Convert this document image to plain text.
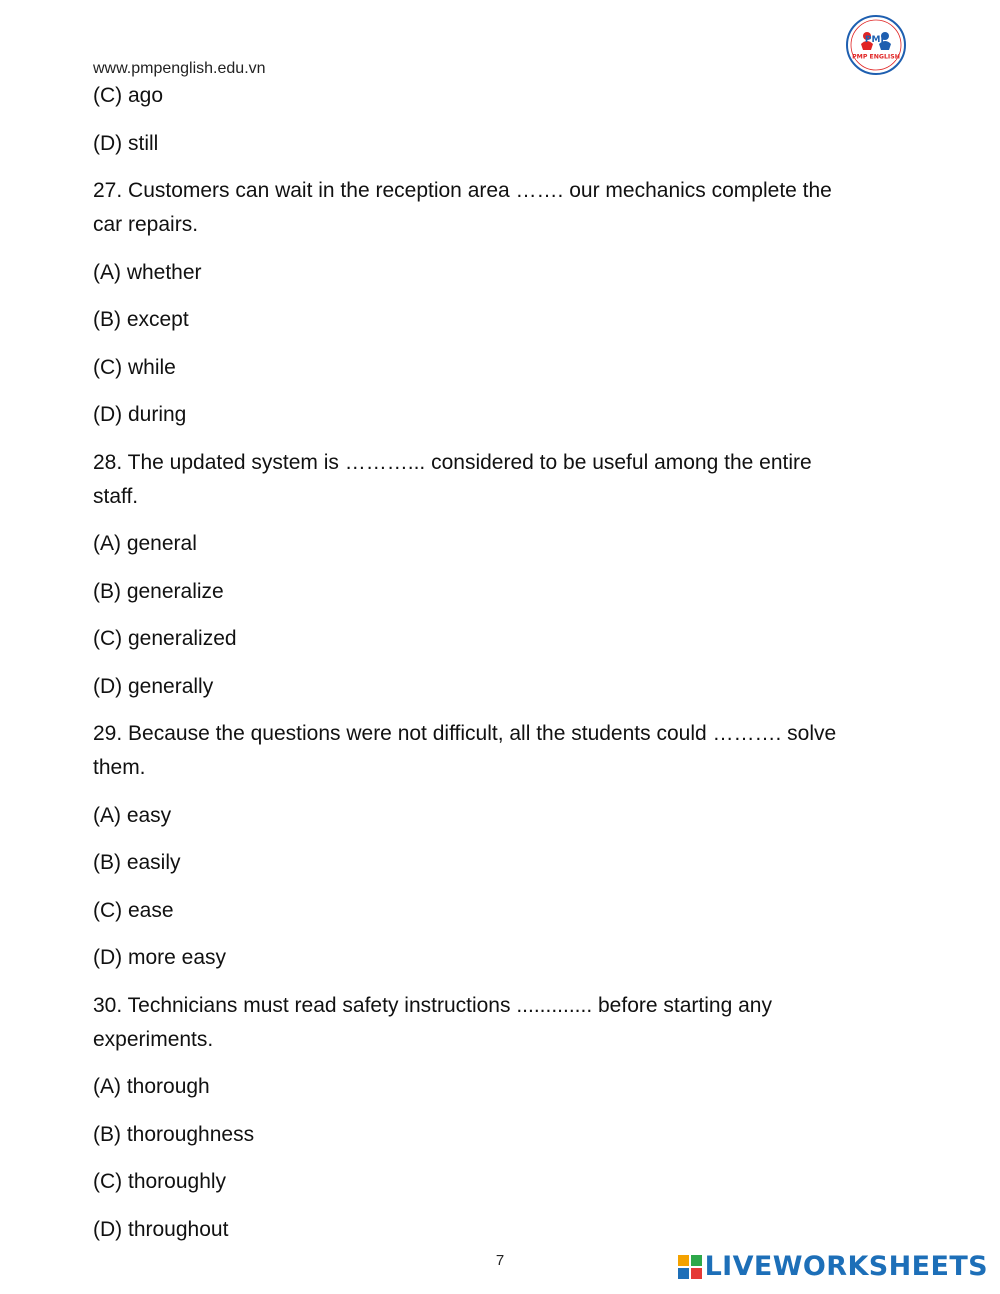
www.pmpenglish.edu.vn
PMP
PMP ENGLISH

(C) ago

(D) still

27. Customers can wait in the reception area ……. our mechanics complete the

car repairs.

(A) whether

(B) except

(C) while

(D) during

28. The updated system is ………... considered to be useful among the entire

staff.

(A) general

(B) generalize

(C) generalized

(D) generally

29. Because the questions were not difficult, all the students could ………. solve

them.

(A) easy

(B) easily

(C) ease

(D) more easy

30. Technicians must read safety instructions ............. before starting any

experiments.

(A) thorough

(B) thoroughness

(C) thoroughly

(D) throughout

7	LIVEWORKSHEETS
